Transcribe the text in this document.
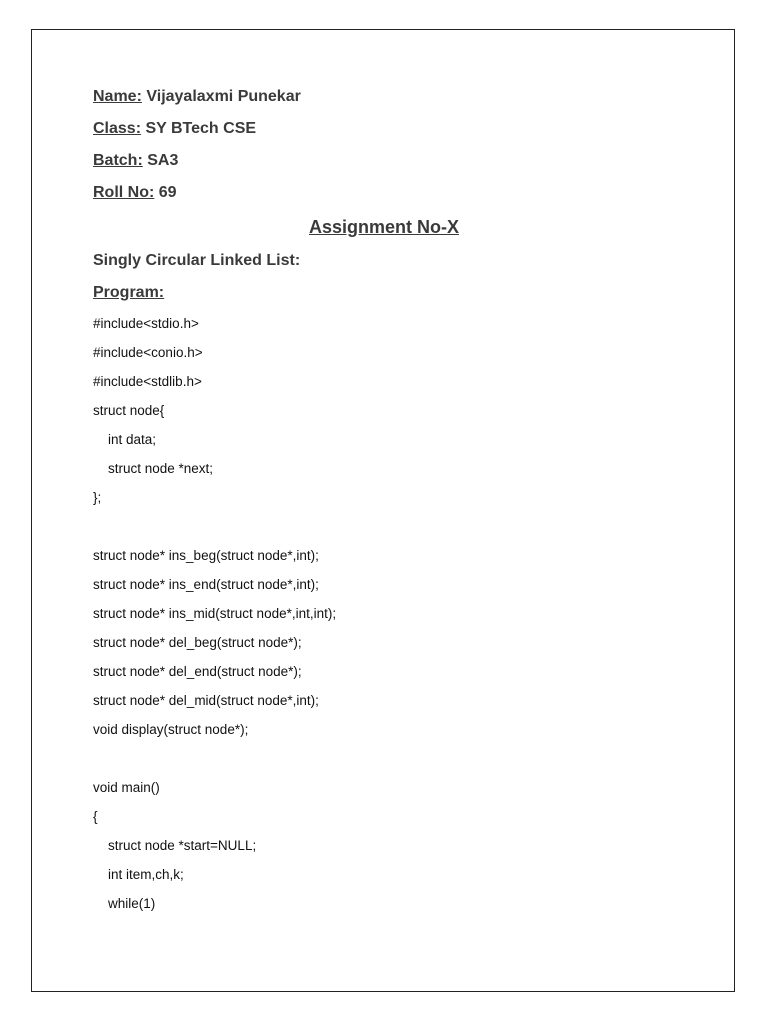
Name: Vijayalaxmi Punekar
Class: SY BTech CSE
Batch: SA3
Roll No: 69
Assignment No-X
Singly Circular Linked List:
Program:
#include<stdio.h>
#include<conio.h>
#include<stdlib.h>
struct node{
int data;
struct node *next;
};
struct node* ins_beg(struct node*,int);
struct node* ins_end(struct node*,int);
struct node* ins_mid(struct node*,int,int);
struct node* del_beg(struct node*);
struct node* del_end(struct node*);
struct node* del_mid(struct node*,int);
void display(struct node*);
void main()
{
struct node *start=NULL;
int item,ch,k;
while(1)
